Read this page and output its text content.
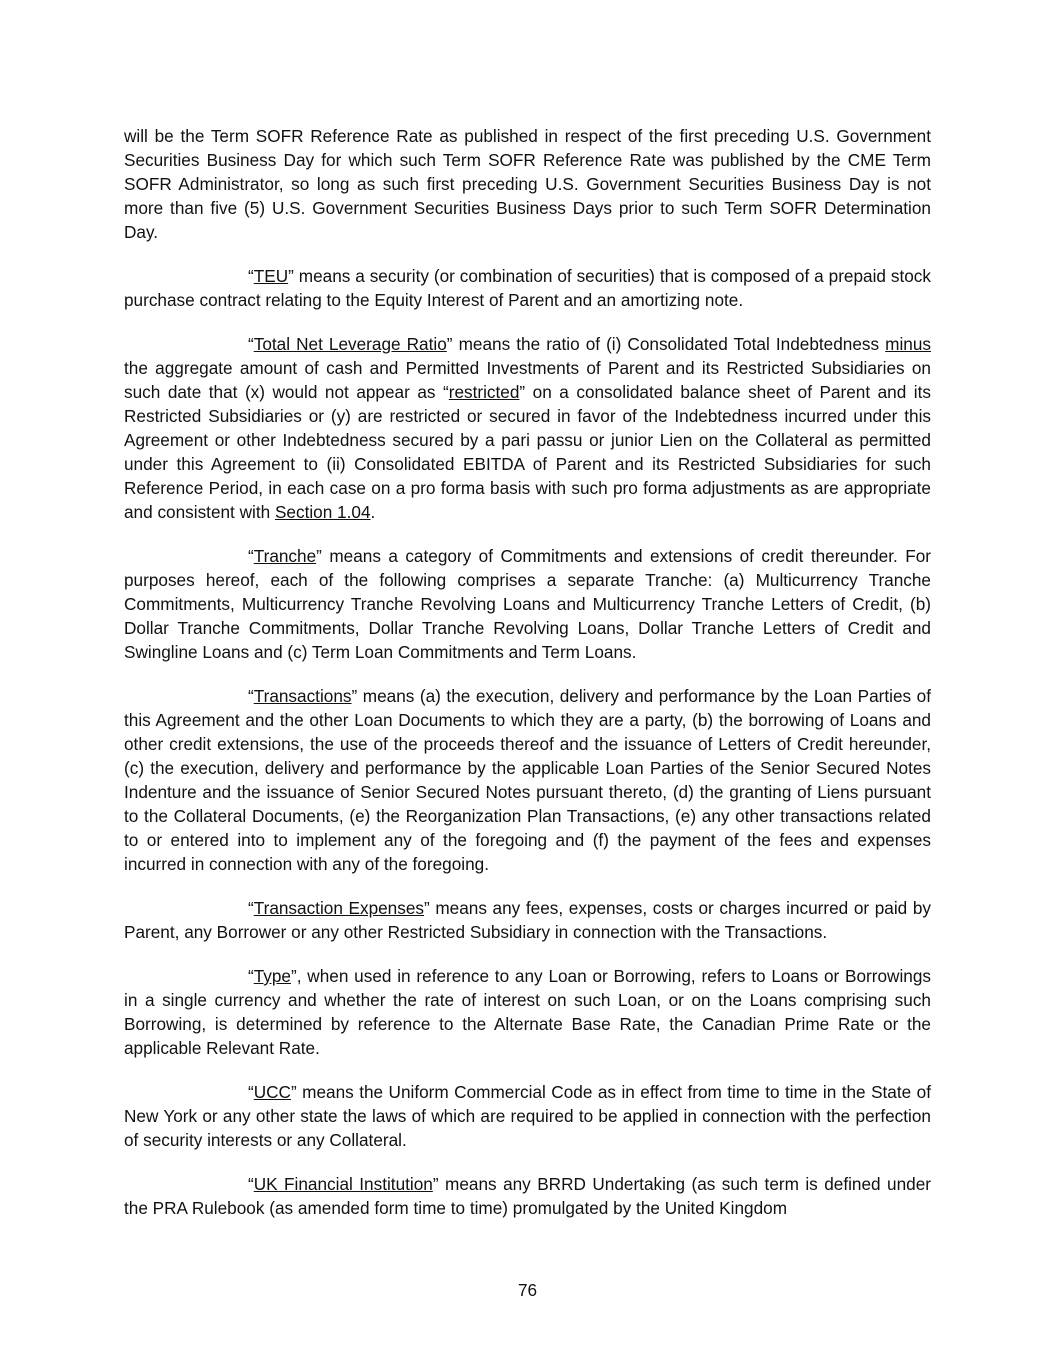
will be the Term SOFR Reference Rate as published in respect of the first preceding U.S. Government Securities Business Day for which such Term SOFR Reference Rate was published by the CME Term SOFR Administrator, so long as such first preceding U.S. Government Securities Business Day is not more than five (5) U.S. Government Securities Business Days prior to such Term SOFR Determination Day.

“TEU” means a security (or combination of securities) that is composed of a prepaid stock purchase contract relating to the Equity Interest of Parent and an amortizing note.

“Total Net Leverage Ratio” means the ratio of (i) Consolidated Total Indebtedness minus the aggregate amount of cash and Permitted Investments of Parent and its Restricted Subsidiaries on such date that (x) would not appear as “restricted” on a consolidated balance sheet of Parent and its Restricted Subsidiaries or (y) are restricted or secured in favor of the Indebtedness incurred under this Agreement or other Indebtedness secured by a pari passu or junior Lien on the Collateral as permitted under this Agreement to (ii) Consolidated EBITDA of Parent and its Restricted Subsidiaries for such Reference Period, in each case on a pro forma basis with such pro forma adjustments as are appropriate and consistent with Section 1.04.

“Tranche” means a category of Commitments and extensions of credit thereunder. For purposes hereof, each of the following comprises a separate Tranche: (a) Multicurrency Tranche Commitments, Multicurrency Tranche Revolving Loans and Multicurrency Tranche Letters of Credit, (b) Dollar Tranche Commitments, Dollar Tranche Revolving Loans, Dollar Tranche Letters of Credit and Swingline Loans and (c) Term Loan Commitments and Term Loans.

“Transactions” means (a) the execution, delivery and performance by the Loan Parties of this Agreement and the other Loan Documents to which they are a party, (b) the borrowing of Loans and other credit extensions, the use of the proceeds thereof and the issuance of Letters of Credit hereunder, (c) the execution, delivery and performance by the applicable Loan Parties of the Senior Secured Notes Indenture and the issuance of Senior Secured Notes pursuant thereto, (d) the granting of Liens pursuant to the Collateral Documents, (e) the Reorganization Plan Transactions, (e) any other transactions related to or entered into to implement any of the foregoing and (f) the payment of the fees and expenses incurred in connection with any of the foregoing.

“Transaction Expenses” means any fees, expenses, costs or charges incurred or paid by Parent, any Borrower or any other Restricted Subsidiary in connection with the Transactions.

“Type”, when used in reference to any Loan or Borrowing, refers to Loans or Borrowings in a single currency and whether the rate of interest on such Loan, or on the Loans comprising such Borrowing, is determined by reference to the Alternate Base Rate, the Canadian Prime Rate or the applicable Relevant Rate.

“UCC” means the Uniform Commercial Code as in effect from time to time in the State of New York or any other state the laws of which are required to be applied in connection with the perfection of security interests or any Collateral.

“UK Financial Institution” means any BRRD Undertaking (as such term is defined under the PRA Rulebook (as amended form time to time) promulgated by the United Kingdom

76
